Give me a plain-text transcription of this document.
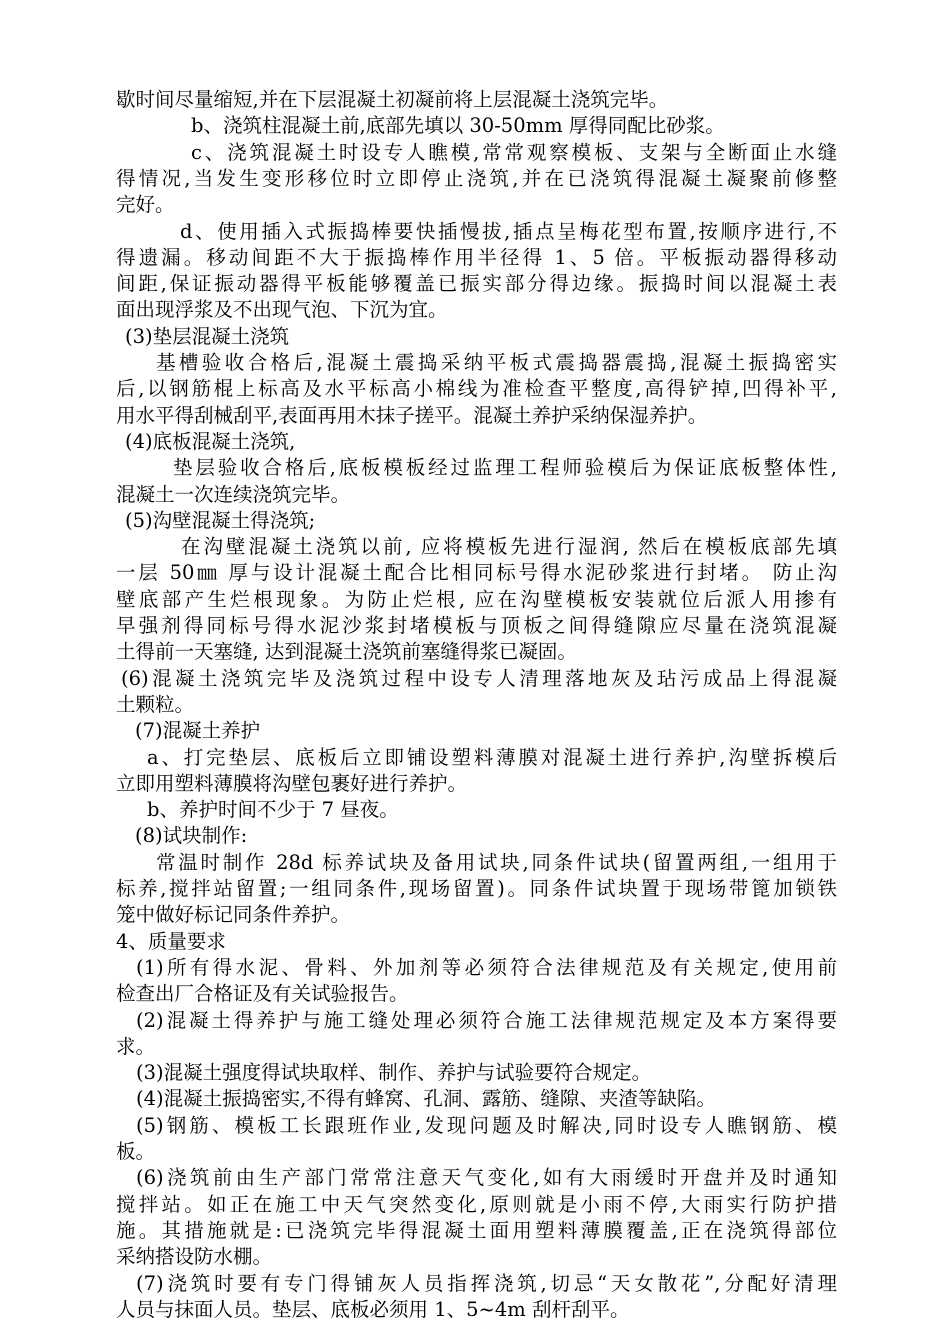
歇时间尽量缩短,并在下层混凝土初凝前将上层混凝土浇筑完毕。
b、浇筑柱混凝土前,底部先填以 30-50mm 厚得同配比砂浆。
c、浇筑混凝土时设专人瞧模,常常观察模板、支架与全断面止水缝
得情况,当发生变形移位时立即停止浇筑,并在已浇筑得混凝土凝聚前修整
完好。
d、使用插入式振捣棒要快插慢拔,插点呈梅花型布置,按顺序进行,不
得遗漏。移动间距不大于振捣棒作用半径得 1、5 倍。平板振动器得移动
间距,保证振动器得平板能够覆盖已振实部分得边缘。振捣时间以混凝土表
面出现浮浆及不出现气泡、下沉为宜。
(3)垫层混凝土浇筑
基槽验收合格后,混凝土震捣采纳平板式震捣器震捣,混凝土振捣密实
后,以钢筋棍上标高及水平标高小棉线为准检查平整度,高得铲掉,凹得补平,
用水平得刮械刮平,表面再用木抹子搓平。混凝土养护采纳保湿养护。
(4)底板混凝土浇筑,
垫层验收合格后,底板模板经过监理工程师验模后为保证底板整体性,
混凝土一次连续浇筑完毕。
(5)沟壁混凝土得浇筑;
在沟壁混凝土浇筑以前, 应将模板先进行湿润, 然后在模板底部先填
一层 50㎜ 厚与设计混凝土配合比相同标号得水泥砂浆进行封堵。 防止沟
壁底部产生烂根现象。为防止烂根, 应在沟壁模板安装就位后派人用掺有
早强剂得同标号得水泥沙浆封堵模板与顶板之间得缝隙应尽量在浇筑混凝
土得前一天塞缝, 达到混凝土浇筑前塞缝得浆已凝固。
(6)混凝土浇筑完毕及浇筑过程中设专人清理落地灰及玷污成品上得混凝
土颗粒。
(7)混凝土养护
a、打完垫层、底板后立即铺设塑料薄膜对混凝土进行养护,沟壁拆模后
立即用塑料薄膜将沟壁包裹好进行养护。
b、养护时间不少于 7 昼夜。
(8)试块制作:
常温时制作 28d 标养试块及备用试块,同条件试块(留置两组,一组用于
标养,搅拌站留置;一组同条件,现场留置)。同条件试块置于现场带篦加锁铁
笼中做好标记同条件养护。
4、质量要求
(1)所有得水泥、骨料、外加剂等必须符合法律规范及有关规定,使用前
检查出厂合格证及有关试验报告。
(2)混凝土得养护与施工缝处理必须符合施工法律规范规定及本方案得要
求。
(3)混凝土强度得试块取样、制作、养护与试验要符合规定。
(4)混凝土振捣密实,不得有蜂窝、孔洞、露筋、缝隙、夹渣等缺陷。
(5)钢筋、模板工长跟班作业,发现问题及时解决,同时设专人瞧钢筋、模
板。
(6)浇筑前由生产部门常常注意天气变化,如有大雨缓时开盘并及时通知
搅拌站。如正在施工中天气突然变化,原则就是小雨不停,大雨实行防护措
施。其措施就是:已浇筑完毕得混凝土面用塑料薄膜覆盖,正在浇筑得部位
采纳搭设防水棚。
(7)浇筑时要有专门得铺灰人员指挥浇筑,切忌“天女散花”,分配好清理
人员与抹面人员。垫层、底板必须用 1、5~4m 刮杆刮平。
